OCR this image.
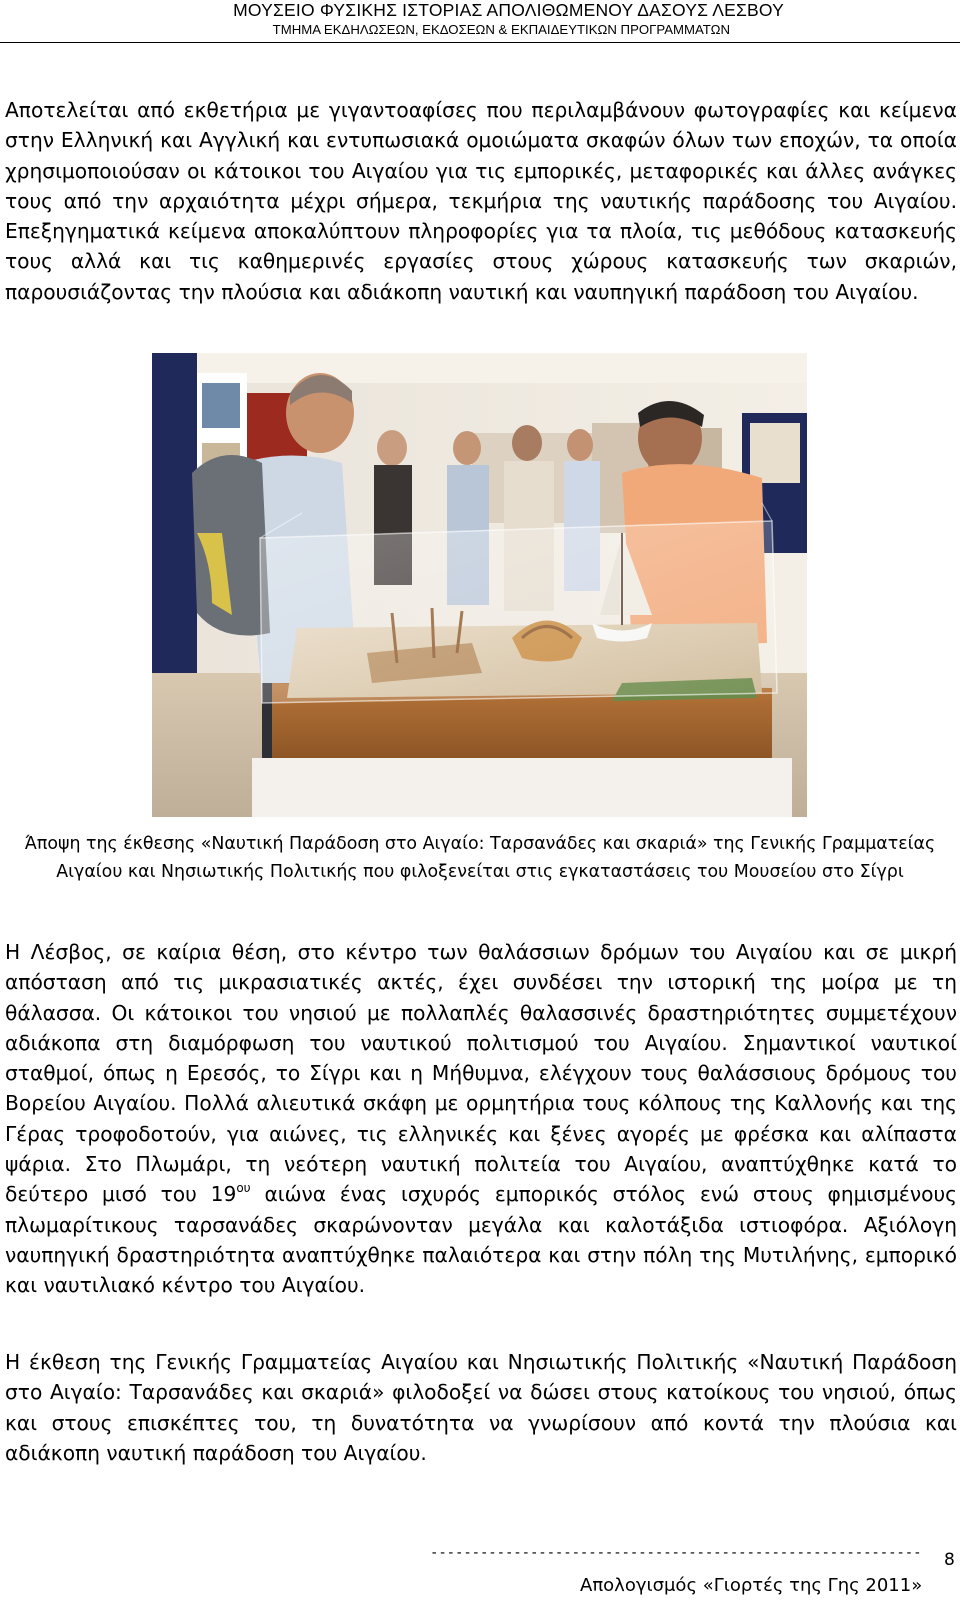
ΜΟΥΣΕΙΟ ΦΥΣΙΚΗΣ ΙΣΤΟΡΙΑΣ ΑΠΟΛΙΘΩΜΕΝΟΥ ΔΑΣΟΥΣ ΛΕΣΒΟΥ
ΤΜΗΜΑ ΕΚΔΗΛΩΣΕΩΝ, ΕΚΔΟΣΕΩΝ & ΕΚΠΑΙΔΕΥΤΙΚΩΝ ΠΡΟΓΡΑΜΜΑΤΩΝ

Αποτελείται από εκθετήρια με γιγαντοαφίσες που περιλαμβάνουν φωτογραφίες και κείμενα στην Ελληνική και Αγγλική και εντυπωσιακά ομοιώματα σκαφών όλων των εποχών, τα οποία χρησιμοποιούσαν οι κάτοικοι του Αιγαίου για τις εμπορικές, μεταφορικές και άλλες ανάγκες τους από την αρχαιότητα μέχρι σήμερα, τεκμήρια της ναυτικής παράδοσης του Αιγαίου. Επεξηγηματικά κείμενα αποκαλύπτουν πληροφορίες για τα πλοία, τις μεθόδους κατασκευής τους αλλά και τις καθημερινές εργασίες στους χώρους κατασκευής των σκαριών, παρουσιάζοντας την πλούσια και αδιάκοπη ναυτική και ναυπηγική παράδοση του Αιγαίου.

Άποψη της έκθεσης «Ναυτική Παράδοση στο Αιγαίο: Ταρσανάδες και σκαριά» της Γενικής Γραμματείας
Αιγαίου και Νησιωτικής Πολιτικής που φιλοξενείται στις εγκαταστάσεις του Μουσείου στο Σίγρι

Η Λέσβος, σε καίρια θέση, στο κέντρο των θαλάσσιων δρόμων του Αιγαίου και σε μικρή απόσταση από τις μικρασιατικές ακτές, έχει συνδέσει την ιστορική της μοίρα με τη θάλασσα. Οι κάτοικοι του νησιού με πολλαπλές θαλασσινές δραστηριότητες συμμετέχουν αδιάκοπα στη διαμόρφωση του ναυτικού πολιτισμού του Αιγαίου. Σημαντικοί ναυτικοί σταθμοί, όπως η Ερεσός, το Σίγρι και η Μήθυμνα, ελέγχουν τους θαλάσσιους δρόμους του Βορείου Αιγαίου. Πολλά αλιευτικά σκάφη με ορμητήρια τους κόλπους της Καλλονής και της Γέρας τροφοδοτούν, για αιώνες, τις ελληνικές και ξένες αγορές με φρέσκα και αλίπαστα ψάρια. Στο Πλωμάρι, τη νεότερη ναυτική πολιτεία του Αιγαίου, αναπτύχθηκε κατά το δεύτερο μισό του $19^{o\upsilon}$ αιώνα ένας ισχυρός εμπορικός στόλος ενώ στους φημισμένους πλωμαρίτικους ταρσανάδες σκαρώνονταν μεγάλα και καλοτάξιδα ιστιοφόρα. Αξιόλογη ναυπηγική δραστηριότητα αναπτύχθηκε παλαιότερα και στην πόλη της Μυτιλήνης, εμπορικό και ναυτιλιακό κέντρο του Αιγαίου.

Η έκθεση της Γενικής Γραμματείας Αιγαίου και Νησιωτικής Πολιτικής «Ναυτική Παράδοση στο Αιγαίο: Ταρσανάδες και σκαριά» φιλοδοξεί να δώσει στους κατοίκους του νησιού, όπως και στους επισκέπτες του, τη δυνατότητα να γνωρίσουν από κοντά την πλούσια και αδιάκοπη ναυτική παράδοση του Αιγαίου.

----------------------------------------------------------- 8
Απολογισμός «Γιορτές της Γης 2011»
